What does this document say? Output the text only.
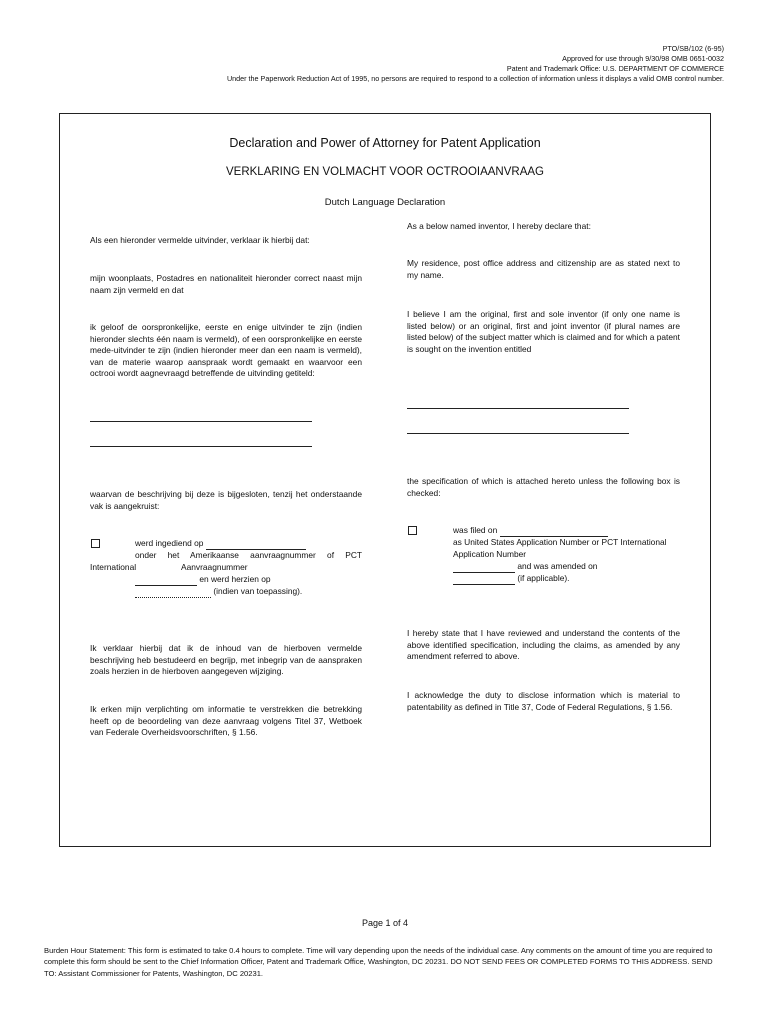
PTO/SB/102 (6-95)
Approved for use through 9/30/98 OMB 0651-0032
Patent and Trademark Office: U.S. DEPARTMENT OF COMMERCE
Under the Paperwork Reduction Act of 1995, no persons are required to respond to a collection of information unless it displays a valid OMB control number.
Declaration and Power of Attorney for Patent Application
VERKLARING EN VOLMACHT VOOR OCTROOIAANVRAAG
Dutch Language Declaration
Als een hieronder vermelde uitvinder, verklaar ik hierbij dat:
As a below named inventor, I hereby declare that:
mijn woonplaats, Postadres en nationaliteit hieronder correct naast mijn naam zijn vermeld en dat
My residence, post office address and citizenship are as stated next to my name.
ik geloof de oorspronkelijke, eerste en enige uitvinder te zijn (indien hieronder slechts één naam is vermeld), of een oorspronkelijke en eerste mede-uitvinder te zijn (indien hieronder meer dan een naam is vermeld), van de materie waarop aanspraak wordt gemaakt en waarvoor een octrooi wordt aagnevraagd betreffende de uitvinding getiteld:
I believe I am the original, first and sole inventor (if only one name is listed below) or an original, first and joint inventor (if plural names are listed below) of the subject matter which is claimed and for which a patent is sought on the invention entitled
waarvan de beschrijving bij deze is bijgesloten, tenzij het onderstaande vak is aangekruist:
the specification of which is attached hereto unless the following box is checked:
werd ingediend op
onder het Amerikaanse aanvraagnummer of PCT
International	Aanvraagnummer
en werd herzien op
(indien van toepassing).
was filed on
as United States Application Number or PCT International
Application Number
and was amended on
(if applicable).
Ik verklaar hierbij dat ik de inhoud van de hierboven vermelde beschrijving heb bestudeerd en begrijp, met inbegrip van de aanspraken zoals herzien in de hierboven aangegeven wijziging.
I hereby state that I have reviewed and understand the contents of the above identified specification, including the claims, as amended by any amendment referred to above.
Ik erken mijn verplichting om informatie te verstrekken die betrekking heeft op de beoordeling van deze aanvraag volgens Titel 37, Wetboek van Federale Overheidsvoorschriften, § 1.56.
I acknowledge the duty to disclose information which is material to patentability as defined in Title 37, Code of Federal Regulations, § 1.56.
Page 1 of 4
Burden Hour Statement: This form is estimated to take 0.4 hours to complete. Time will vary depending upon the needs of the individual case. Any comments on the amount of time you are required to complete this form should be sent to the Chief Information Officer, Patent and Trademark Office, Washington, DC 20231. DO NOT SEND FEES OR COMPLETED FORMS TO THIS ADDRESS. SEND TO: Assistant Commissioner for Patents, Washington, DC 20231.
